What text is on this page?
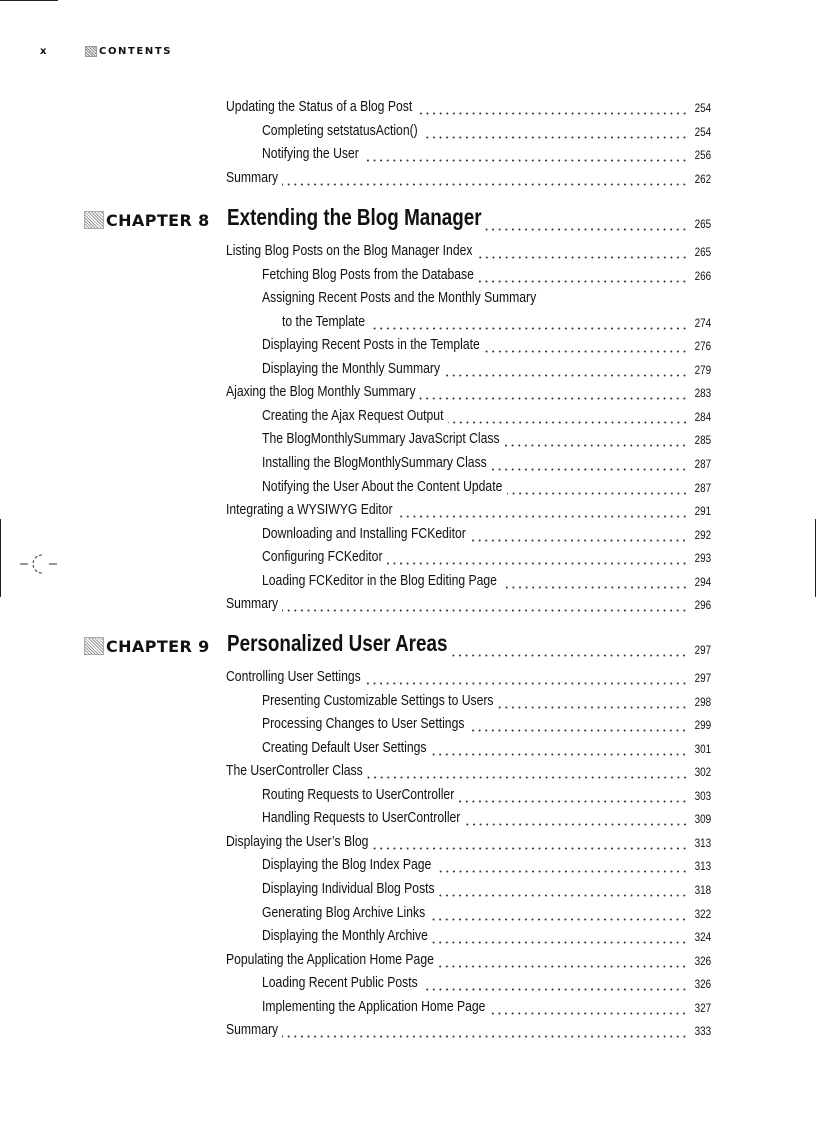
x	CONTENTS
Updating the Status of a Blog Post	254
Completing setstatusAction()	254
Notifying the User	256
Summary	262
CHAPTER 8 Extending the Blog Manager	265
Listing Blog Posts on the Blog Manager Index	265
Fetching Blog Posts from the Database	266
Assigning Recent Posts and the Monthly Summary
to the Template	274
Displaying Recent Posts in the Template	276
Displaying the Monthly Summary	279
Ajaxing the Blog Monthly Summary	283
Creating the Ajax Request Output	284
The BlogMonthlySummary JavaScript Class	285
Installing the BlogMonthlySummary Class	287
Notifying the User About the Content Update	287
Integrating a WYSIWYG Editor	291
Downloading and Installing FCKeditor	292
Configuring FCKeditor	293
Loading FCKeditor in the Blog Editing Page	294
Summary	296
CHAPTER 9 Personalized User Areas	297
Controlling User Settings	297
Presenting Customizable Settings to Users	298
Processing Changes to User Settings	299
Creating Default User Settings	301
The UserController Class	302
Routing Requests to UserController	303
Handling Requests to UserController	309
Displaying the User’s Blog	313
Displaying the Blog Index Page	313
Displaying Individual Blog Posts	318
Generating Blog Archive Links	322
Displaying the Monthly Archive	324
Populating the Application Home Page	326
Loading Recent Public Posts	326
Implementing the Application Home Page	327
Summary	333
